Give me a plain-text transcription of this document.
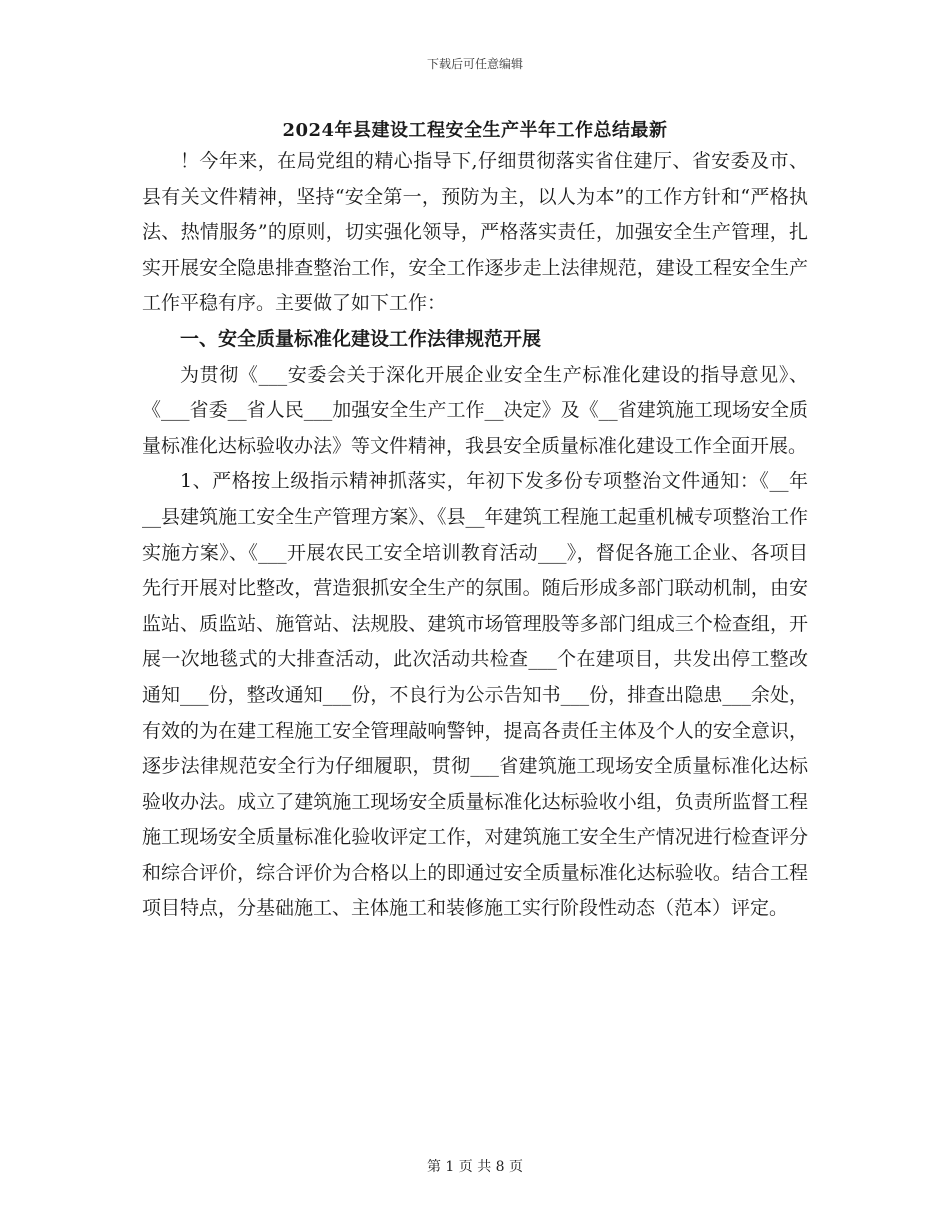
下载后可任意编辑
2024年县建设工程安全生产半年工作总结最新

！今年来，在局党组的精心指导下,仔细贯彻落实省住建厅、省安委及市、县有关文件精神，坚持“安全第一，预防为主，以人为本”的工作方针和“严格执法、热情服务”的原则，切实强化领导，严格落实责任，加强安全生产管理，扎实开展安全隐患排查整治工作，安全工作逐步走上法律规范，建设工程安全生产工作平稳有序。主要做了如下工作：

一、安全质量标准化建设工作法律规范开展

为贯彻《___安委会关于深化开展企业安全生产标准化建设的指导意见》、《___省委__省人民___加强安全生产工作__决定》及《__省建筑施工现场安全质量标准化达标验收办法》等文件精神，我县安全质量标准化建设工作全面开展。

1、严格按上级指示精神抓落实，年初下发多份专项整治文件通知：《__年__县建筑施工安全生产管理方案》、《县__年建筑工程施工起重机械专项整治工作实施方案》、《___开展农民工安全培训教育活动___》，督促各施工企业、各项目先行开展对比整改，营造狠抓安全生产的氛围。随后形成多部门联动机制，由安监站、质监站、施管站、法规股、建筑市场管理股等多部门组成三个检查组，开展一次地毯式的大排查活动，此次活动共检查___个在建项目，共发出停工整改通知___份，整改通知___份，不良行为公示告知书___份，排查出隐患___余处，有效的为在建工程施工安全管理敲响警钟，提高各责任主体及个人的安全意识，逐步法律规范安全行为仔细履职，贯彻___省建筑施工现场安全质量标准化达标验收办法。成立了建筑施工现场安全质量标准化达标验收小组，负责所监督工程施工现场安全质量标准化验收评定工作，对建筑施工安全生产情况进行检查评分和综合评价，综合评价为合格以上的即通过安全质量标准化达标验收。结合工程项目特点，分基础施工、主体施工和装修施工实行阶段性动态（范本）评定。

第 1 页 共 8 页
